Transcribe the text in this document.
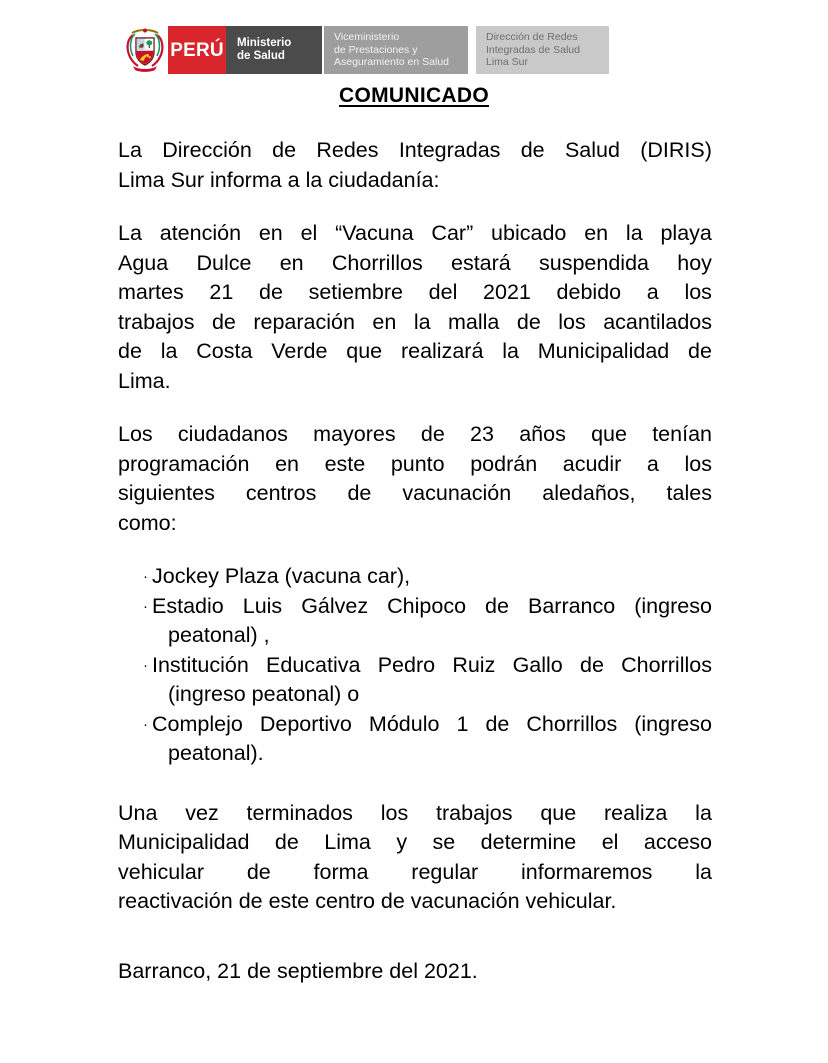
PERÚ Ministerio
de Salud
Viceministerio
de Prestaciones y
Aseguramiento en Salud
Dirección de Redes
Integradas de Salud
Lima Sur
COMUNICADO
La Dirección de Redes Integradas de Salud (DIRIS)
Lima Sur informa a la ciudadanía:
La atención en el “Vacuna Car” ubicado en la playa
Agua Dulce en Chorrillos estará suspendida hoy
martes 21 de setiembre del 2021 debido a los
trabajos de reparación en la malla de los acantilados
de la Costa Verde que realizará la Municipalidad de
Lima.
Los ciudadanos mayores de 23 años que tenían
programación en este punto podrán acudir a los
siguientes centros de vacunación aledaños, tales
como:
· Jockey Plaza (vacuna car),
· Estadio Luis Gálvez Chipoco de Barranco (ingreso
peatonal) ,
· Institución Educativa Pedro Ruiz Gallo de Chorrillos
(ingreso peatonal) o
· Complejo Deportivo Módulo 1 de Chorrillos (ingreso
peatonal).
Una vez terminados los trabajos que realiza la
Municipalidad de Lima y se determine el acceso
vehicular de forma regular informaremos la
reactivación de este centro de vacunación vehicular.
Barranco, 21 de septiembre del 2021.
